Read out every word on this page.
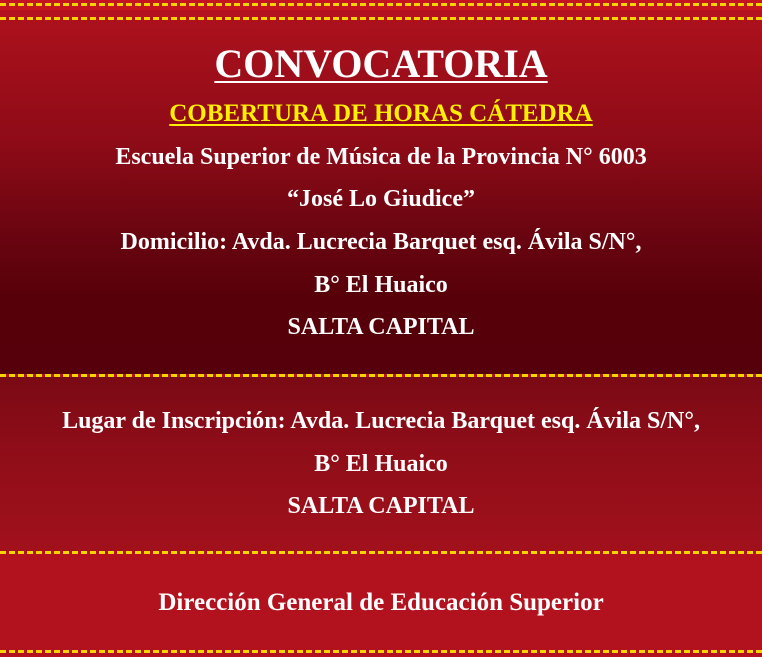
CONVOCATORIA
COBERTURA DE HORAS CÁTEDRA
Escuela Superior de Música de la Provincia N° 6003
“José Lo Giudice”
Domicilio: Avda. Lucrecia Barquet esq. Ávila S/N°,
B° El Huaico
SALTA CAPITAL
Lugar de Inscripción: Avda. Lucrecia Barquet esq. Ávila S/N°,
B° El Huaico
SALTA CAPITAL
Dirección General de Educación Superior
